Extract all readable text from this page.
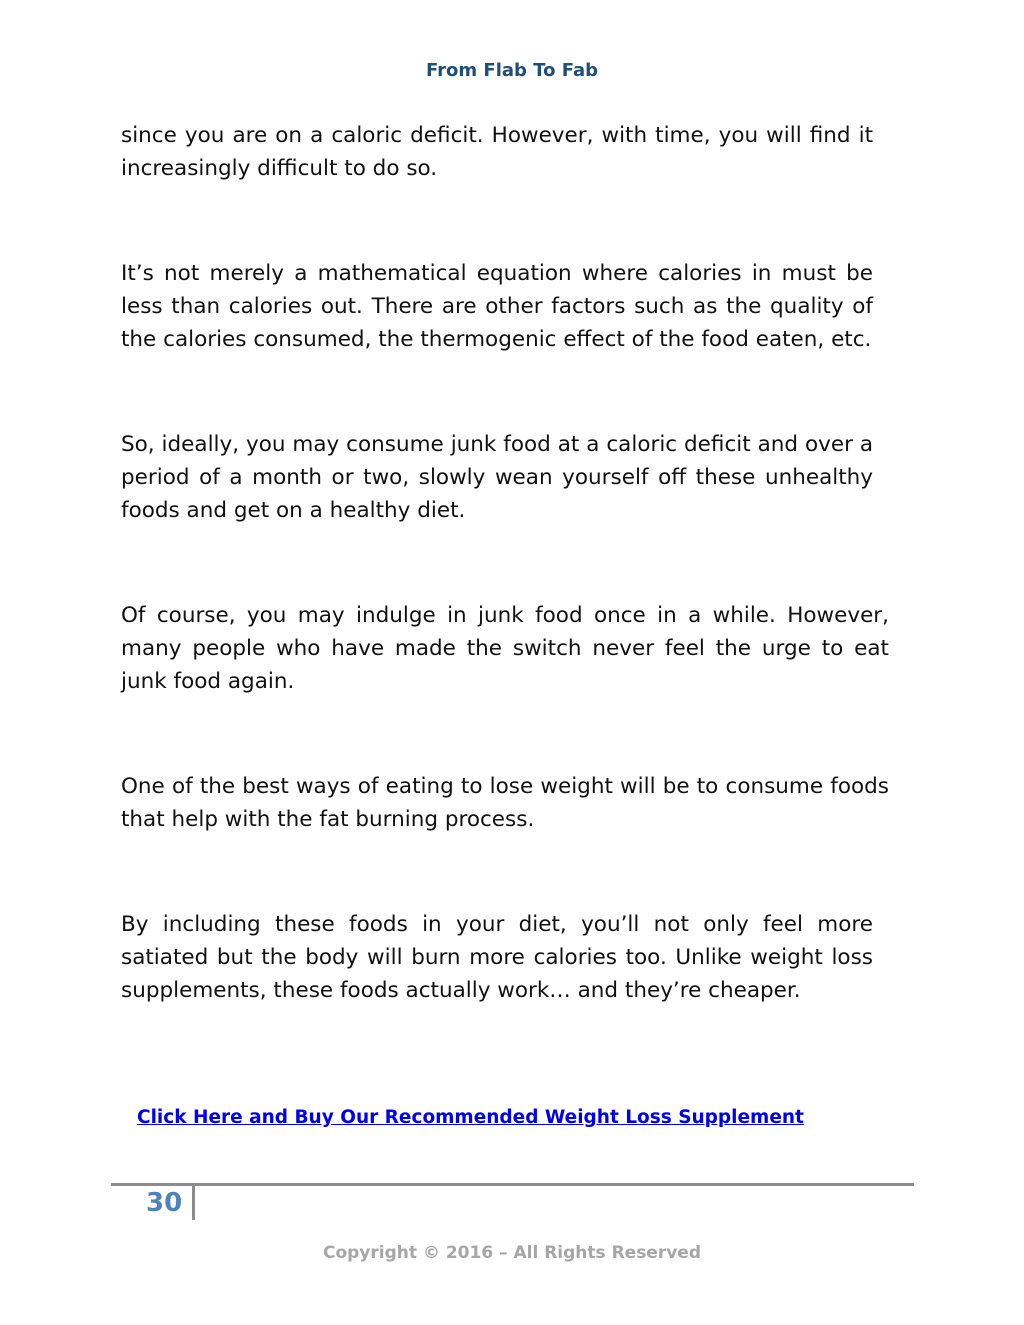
From Flab To Fab

since you are on a caloric deficit. However, with time, you will find it increasingly difficult to do so.

It’s not merely a mathematical equation where calories in must be less than calories out. There are other factors such as the quality of the calories consumed, the thermogenic effect of the food eaten, etc.

So, ideally, you may consume junk food at a caloric deficit and over a period of a month or two, slowly wean yourself off these unhealthy foods and get on a healthy diet.

Of course, you may indulge in junk food once in a while. However, many people who have made the switch never feel the urge to eat junk food again.

One of the best ways of eating to lose weight will be to consume foods that help with the fat burning process.

By including these foods in your diet, you’ll not only feel more satiated but the body will burn more calories too. Unlike weight loss supplements, these foods actually work… and they’re cheaper.

Click Here and Buy Our Recommended Weight Loss Supplement
30
Copyright © 2016 – All Rights Reserved
